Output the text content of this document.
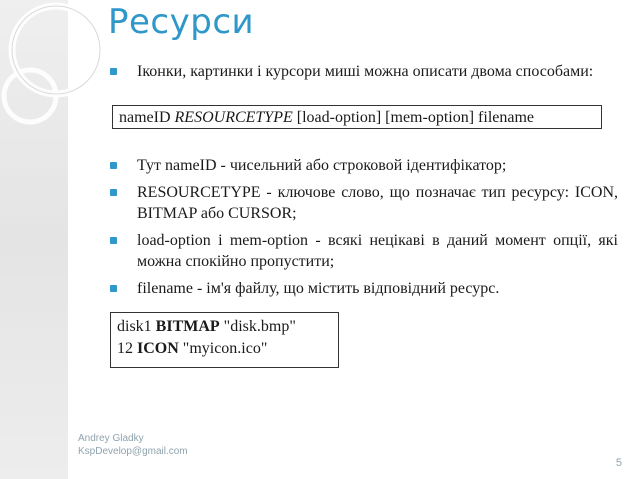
Ресурси
Іконки, картинки і курсори миші можна описати двома способами:
nameID RESOURCETYPE [load-option] [mem-option] filename
Тут nameID - чисельний або строковой ідентифікатор;
RESOURCETYPE - ключове слово, що позначає тип ресурсу: ICON, BITMAP або CURSOR;
load-option і mem-option - всякі нецікаві в даний момент опції, які можна спокійно пропустити;
filename - ім'я файлу, що містить відповідний ресурс.
disk1 BITMAP "disk.bmp"
12 ICON "myicon.ico"
Andrey Gladky
KspDevelop@gmail.com
5
